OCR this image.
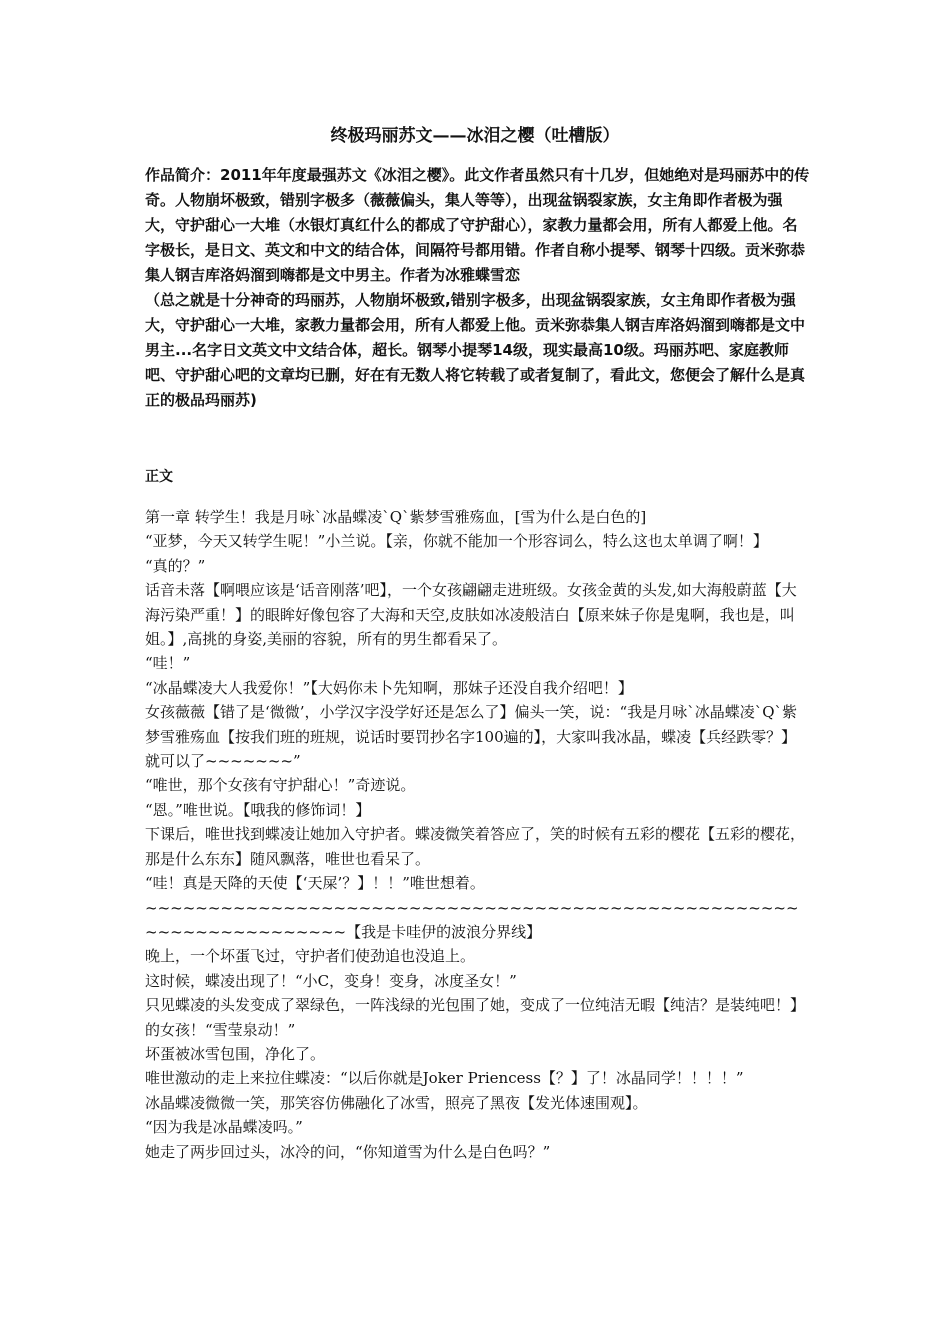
终极玛丽苏文——冰泪之樱（吐槽版）

作品简介：2011年年度最强苏文《冰泪之樱》。此文作者虽然只有十几岁，但她绝对是玛丽苏中的传奇。人物崩坏极致，错别字极多（薇薇偏头，集人等等），出现盆锅裂家族，女主角即作者极为强大，守护甜心一大堆（水银灯真红什么的都成了守护甜心），家教力量都会用，所有人都爱上他。名字极长，是日文、英文和中文的结合体，间隔符号都用错。作者自称小提琴、钢琴十四级。贡米弥恭集人钢吉库洛妈溜到嗨都是文中男主。作者为冰雅蝶雪恋

（总之就是十分神奇的玛丽苏，人物崩坏极致,错别字极多，出现盆锅裂家族，女主角即作者极为强大，守护甜心一大堆，家教力量都会用，所有人都爱上他。贡米弥恭集人钢吉库洛妈溜到嗨都是文中男主...名字日文英文中文结合体，超长。钢琴小提琴14级，现实最高10级。玛丽苏吧、家庭教师吧、守护甜心吧的文章均已删，好在有无数人将它转载了或者复制了，看此文，您便会了解什么是真正的极品玛丽苏)

正文

第一章 转学生！我是月咏`冰晶蝶凌`Q`紫梦雪雅殇血，[雪为什么是白色的]

“亚梦，今天又转学生呢！”小兰说。【亲，你就不能加一个形容词么，特么这也太单调了啊！】

“真的？”

话音未落【啊喂应该是‘话音刚落’吧】，一个女孩翩翩走进班级。女孩金黄的头发,如大海般蔚蓝【大海污染严重！】的眼眸好像包容了大海和天空,皮肤如冰凌般洁白【原来妹子你是鬼啊，我也是，叫姐。】,高挑的身姿,美丽的容貌，所有的男生都看呆了。

“哇！”

“冰晶蝶凌大人我爱你！”【大妈你未卜先知啊，那妹子还没自我介绍吧！】

女孩薇薇【错了是‘微微’，小学汉字没学好还是怎么了】偏头一笑，说：“我是月咏`冰晶蝶凌`Q`紫梦雪雅殇血【按我们班的班规，说话时要罚抄名字100遍的】，大家叫我冰晶，蝶凌【兵经跌零？】就可以了~~~~~~~”

“唯世，那个女孩有守护甜心！”奇迹说。

“恩。”唯世说。【哦我的修饰词！】

下课后，唯世找到蝶凌让她加入守护者。蝶凌微笑着答应了，笑的时候有五彩的樱花【五彩的樱花，那是什么东东】随风飘落，唯世也看呆了。

“哇！真是天降的天使【‘天屎’？】！！”唯世想着。

~~~~~~~~~~~~~~~~~~~~~~~~~~~~~~~~~~~~~~~~~~~~~~~~~~~~~~~~~~~~~~~~~~~~【我是卡哇伊的波浪分界线】

晚上，一个坏蛋飞过，守护者们使劲追也没追上。

这时候，蝶凌出现了！“小C，变身！变身，冰度圣女！”

只见蝶凌的头发变成了翠绿色，一阵浅绿的光包围了她，变成了一位纯洁无暇【纯洁？是装纯吧！】的女孩！“雪莹泉动！”

坏蛋被冰雪包围，净化了。

唯世激动的走上来拉住蝶凌：“以后你就是Joker Priencess【？】了！冰晶同学！！！！”

冰晶蝶凌微微一笑，那笑容仿佛融化了冰雪，照亮了黑夜【发光体速围观】。

“因为我是冰晶蝶凌吗。”

她走了两步回过头，冰冷的问，“你知道雪为什么是白色吗？”
